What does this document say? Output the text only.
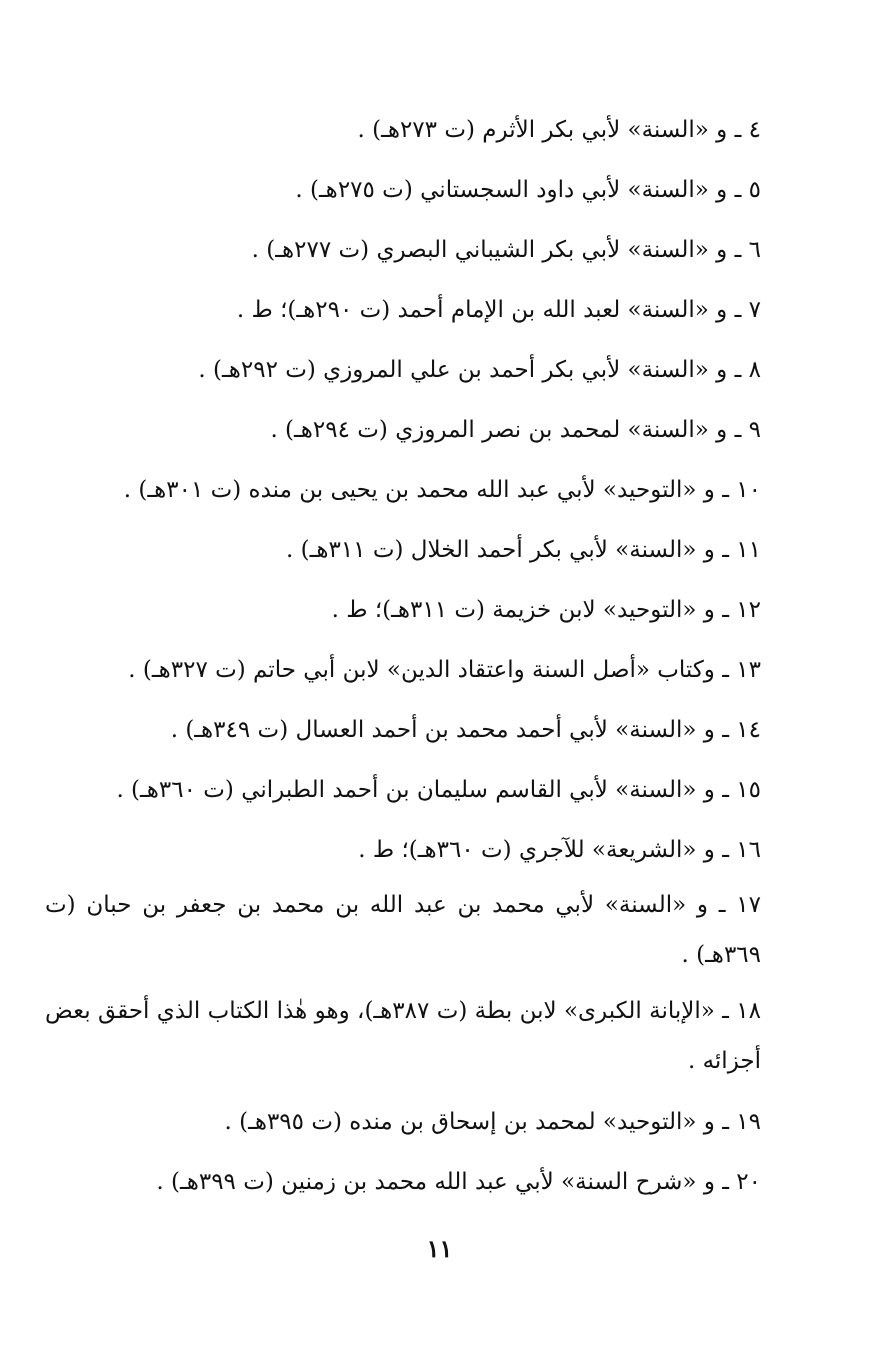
٤ ـ و «السنة» لأبي بكر الأثرم (ت ٢٧٣هـ) .
٥ ـ و «السنة» لأبي داود السجستاني (ت ٢٧٥هـ) .
٦ ـ و «السنة» لأبي بكر الشيباني البصري (ت ٢٧٧هـ) .
٧ ـ و «السنة» لعبد الله بن الإمام أحمد (ت ٢٩٠هـ)؛ ط .
٨ ـ و «السنة» لأبي بكر أحمد بن علي المروزي (ت ٢٩٢هـ) .
٩ ـ و «السنة» لمحمد بن نصر المروزي (ت ٢٩٤هـ) .
١٠ ـ و «التوحيد» لأبي عبد الله محمد بن يحيى بن منده (ت ٣٠١هـ) .
١١ ـ و «السنة» لأبي بكر أحمد الخلال (ت ٣١١هـ) .
١٢ ـ و «التوحيد» لابن خزيمة (ت ٣١١هـ)؛ ط .
١٣ ـ وكتاب «أصل السنة واعتقاد الدين» لابن أبي حاتم (ت ٣٢٧هـ) .
١٤ ـ و «السنة» لأبي أحمد محمد بن أحمد العسال (ت ٣٤٩هـ) .
١٥ ـ و «السنة» لأبي القاسم سليمان بن أحمد الطبراني (ت ٣٦٠هـ) .
١٦ ـ و «الشريعة» للآجري (ت ٣٦٠هـ)؛ ط .
١٧ ـ و «السنة» لأبي محمد بن عبد الله بن محمد بن جعفر بن حبان (ت ٣٦٩هـ) .
١٨ ـ «الإبانة الكبرى» لابن بطة (ت ٣٨٧هـ)، وهو هٰذا الكتاب الذي أحقق بعض أجزائه .
١٩ ـ و «التوحيد» لمحمد بن إسحاق بن منده (ت ٣٩٥هـ) .
٢٠ ـ و «شرح السنة» لأبي عبد الله محمد بن زمنين (ت ٣٩٩هـ) .
١١
